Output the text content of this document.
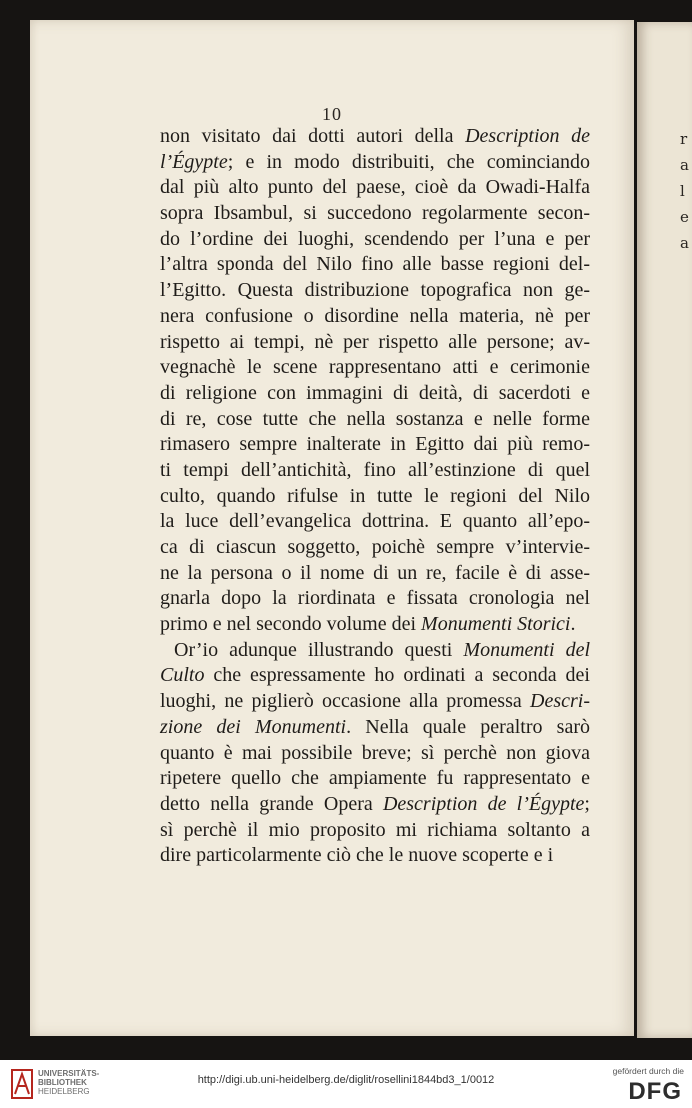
r
a
l
e
a
10
non visitato dai dotti autori della Description de
l’Égypte; e in modo distribuiti, che cominciando
dal più alto punto del paese, cioè da Owadi-Halfa
sopra Ibsambul, si succedono regolarmente secon-
do l’ordine dei luoghi, scendendo per l’una e per
l’altra sponda del Nilo fino alle basse regioni del-
l’Egitto. Questa distribuzione topografica non ge-
nera confusione o disordine nella materia, nè per
rispetto ai tempi, nè per rispetto alle persone; av-
vegnachè le scene rappresentano atti e cerimonie
di religione con immagini di deità, di sacerdoti e
di re, cose tutte che nella sostanza e nelle forme
rimasero sempre inalterate in Egitto dai più remo-
ti tempi dell’antichità, fino all’estinzione di quel
culto, quando rifulse in tutte le regioni del Nilo
la luce dell’evangelica dottrina. E quanto all’epo-
ca di ciascun soggetto, poichè sempre v’intervie-
ne la persona o il nome di un re, facile è di asse-
gnarla dopo la riordinata e fissata cronologia nel
primo e nel secondo volume dei Monumenti Storici.
Or’io adunque illustrando questi Monumenti del
Culto che espressamente ho ordinati a seconda dei
luoghi, ne piglierò occasione alla promessa Descri-
zione dei Monumenti. Nella quale peraltro sarò
quanto è mai possibile breve; sì perchè non giova
ripetere quello che ampiamente fu rappresentato e
detto nella grande Opera Description de l’Égypte;
sì perchè il mio proposito mi richiama soltanto a
dire particolarmente ciò che le nuove scoperte e i
UNIVERSITÄTS-
BIBLIOTHEK
HEIDELBERG
http://digi.ub.uni-heidelberg.de/diglit/rosellini1844bd3_1/0012
gefördert durch die
DFG
